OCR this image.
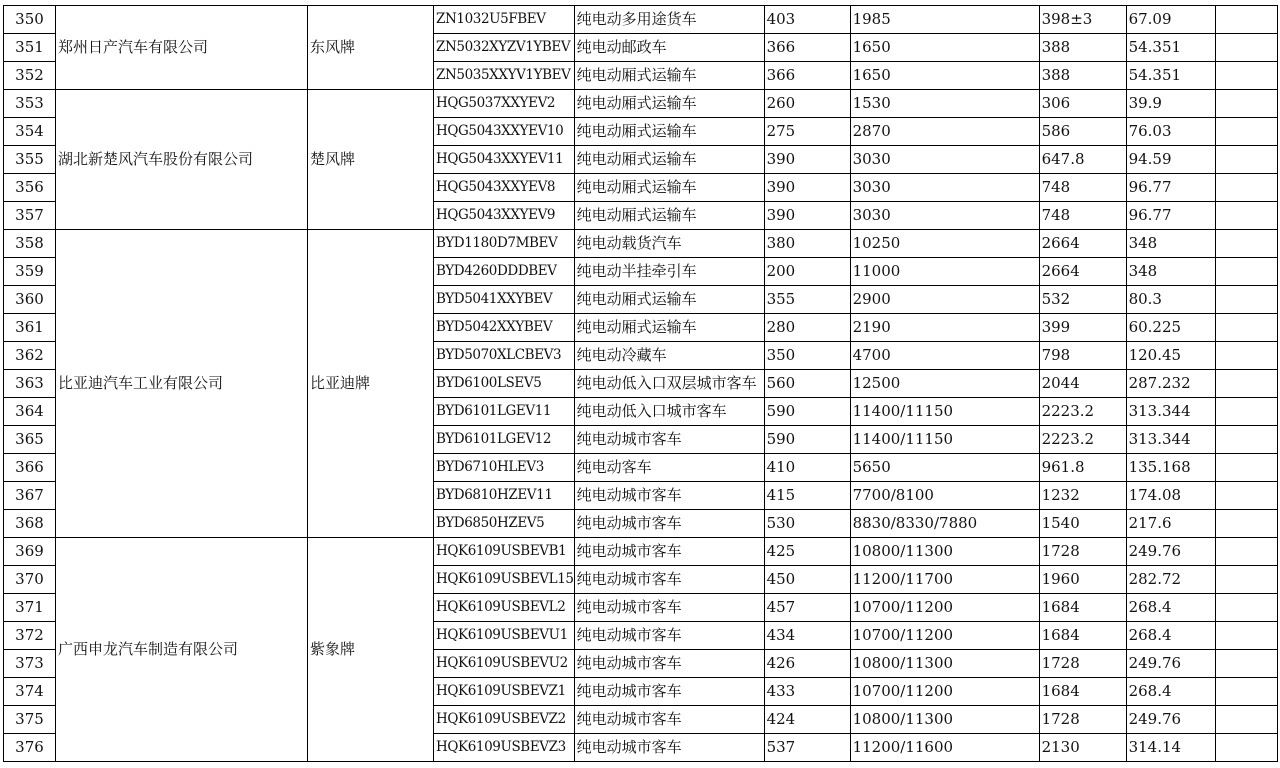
350	郑州日产汽车有限公司	东风牌	ZN1032U5FBEV	纯电动多用途货车	403	1985	398±3	67.09	
351			ZN5032XYZV1YBEV	纯电动邮政车	366	1650	388	54.351	
352			ZN5035XXYV1YBEV	纯电动厢式运输车	366	1650	388	54.351	
353	湖北新楚风汽车股份有限公司	楚风牌	HQG5037XXYEV2	纯电动厢式运输车	260	1530	306	39.9	
354			HQG5043XXYEV10	纯电动厢式运输车	275	2870	586	76.03	
355			HQG5043XXYEV11	纯电动厢式运输车	390	3030	647.8	94.59	
356			HQG5043XXYEV8	纯电动厢式运输车	390	3030	748	96.77	
357			HQG5043XXYEV9	纯电动厢式运输车	390	3030	748	96.77	
358	比亚迪汽车工业有限公司	比亚迪牌	BYD1180D7MBEV	纯电动载货汽车	380	10250	2664	348	
359			BYD4260DDDBEV	纯电动半挂牵引车	200	11000	2664	348	
360			BYD5041XXYBEV	纯电动厢式运输车	355	2900	532	80.3	
361			BYD5042XXYBEV	纯电动厢式运输车	280	2190	399	60.225	
362			BYD5070XLCBEV3	纯电动冷藏车	350	4700	798	120.45	
363			BYD6100LSEV5	纯电动低入口双层城市客车	560	12500	2044	287.232	
364			BYD6101LGEV11	纯电动低入口城市客车	590	11400/11150	2223.2	313.344	
365			BYD6101LGEV12	纯电动城市客车	590	11400/11150	2223.2	313.344	
366			BYD6710HLEV3	纯电动客车	410	5650	961.8	135.168	
367			BYD6810HZEV11	纯电动城市客车	415	7700/8100	1232	174.08	
368			BYD6850HZEV5	纯电动城市客车	530	8830/8330/7880	1540	217.6	
369	广西申龙汽车制造有限公司	紫象牌	HQK6109USBEVB1	纯电动城市客车	425	10800/11300	1728	249.76	
370			HQK6109USBEVL15	纯电动城市客车	450	11200/11700	1960	282.72	
371			HQK6109USBEVL2	纯电动城市客车	457	10700/11200	1684	268.4	
372			HQK6109USBEVU1	纯电动城市客车	434	10700/11200	1684	268.4	
373			HQK6109USBEVU2	纯电动城市客车	426	10800/11300	1728	249.76	
374			HQK6109USBEVZ1	纯电动城市客车	433	10700/11200	1684	268.4	
375			HQK6109USBEVZ2	纯电动城市客车	424	10800/11300	1728	249.76	
376			HQK6109USBEVZ3	纯电动城市客车	537	11200/11600	2130	314.14	
